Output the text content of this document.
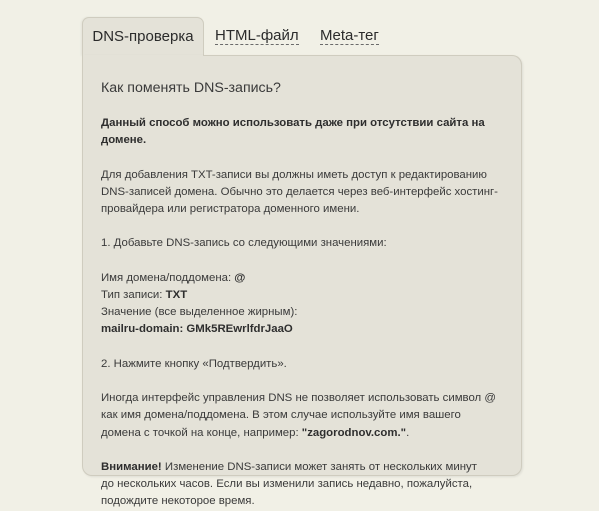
DNS-проверка	HTML-файл Meta-тег
Как поменять DNS-запись?

Данный способ можно использовать даже при отсутствии сайта на домене.

Для добавления TXT-записи вы должны иметь доступ к редактированию DNS-записей домена. Обычно это делается через веб-интерфейс хостинг-провайдера или регистратора доменного имени.

1. Добавьте DNS-запись со следующими значениями:

Имя домена/поддомена: @

Тип записи: TXT

Значение (все выделенное жирным):

mailru-domain: GMk5REwrlfdrJaaO

2. Нажмите кнопку «Подтвердить».

Иногда интерфейс управления DNS не позволяет использовать символ @ как имя домена/поддомена. В этом случае используйте имя вашего домена с точкой на конце, например: "zagorodnov.com.".

Внимание! Изменение DNS-записи может занять от нескольких минут до нескольких часов. Если вы изменили запись недавно, пожалуйста, подождите некоторое время.
